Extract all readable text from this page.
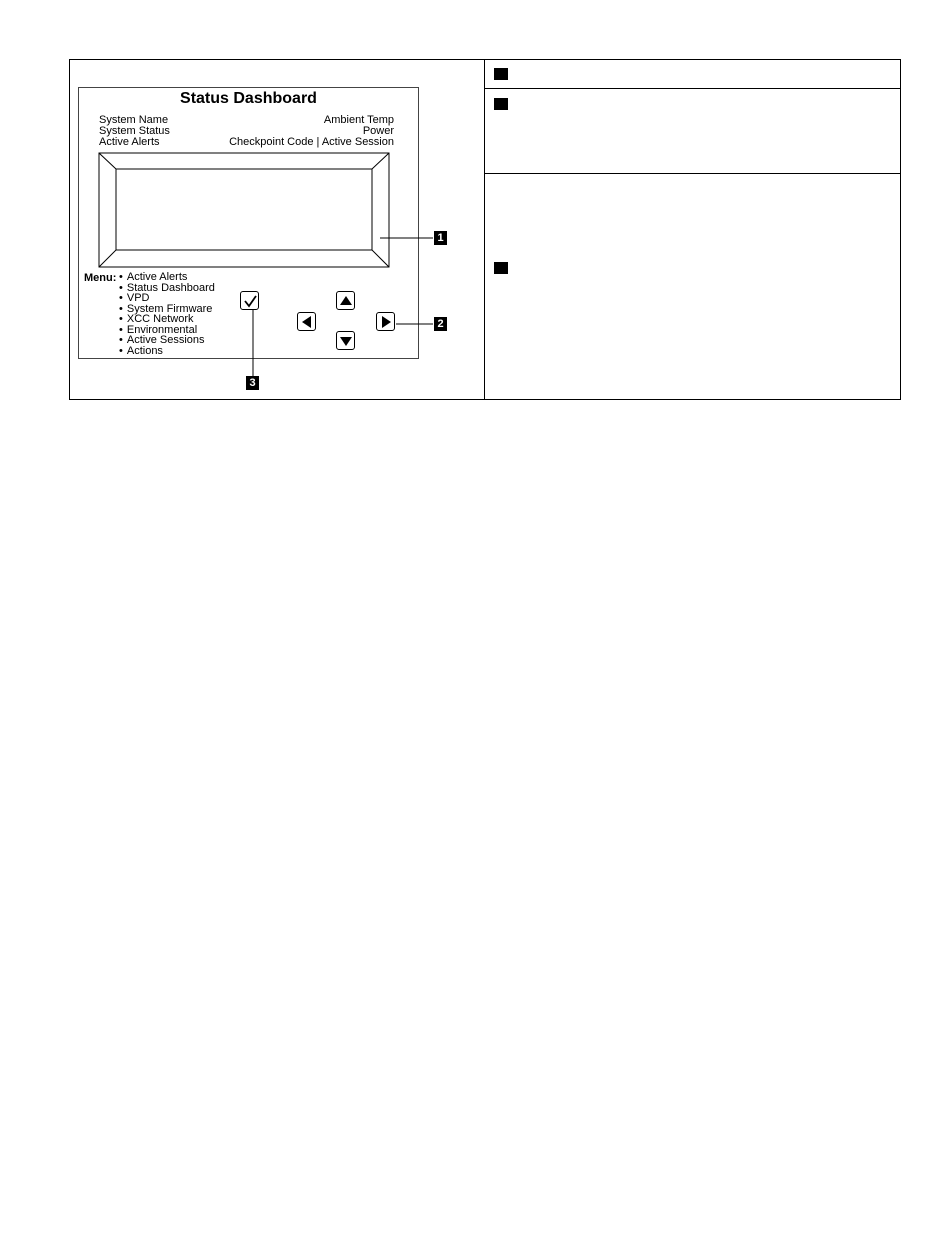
Status Dashboard
System Name
System Status
Active Alerts
Ambient Temp
Power
Checkpoint Code | Active Session
Menu:
• Active Alerts
• Status Dashboard
• VPD
• System Firmware
• XCC Network
• Environmental
• Active Sessions
• Actions
1
2
3
